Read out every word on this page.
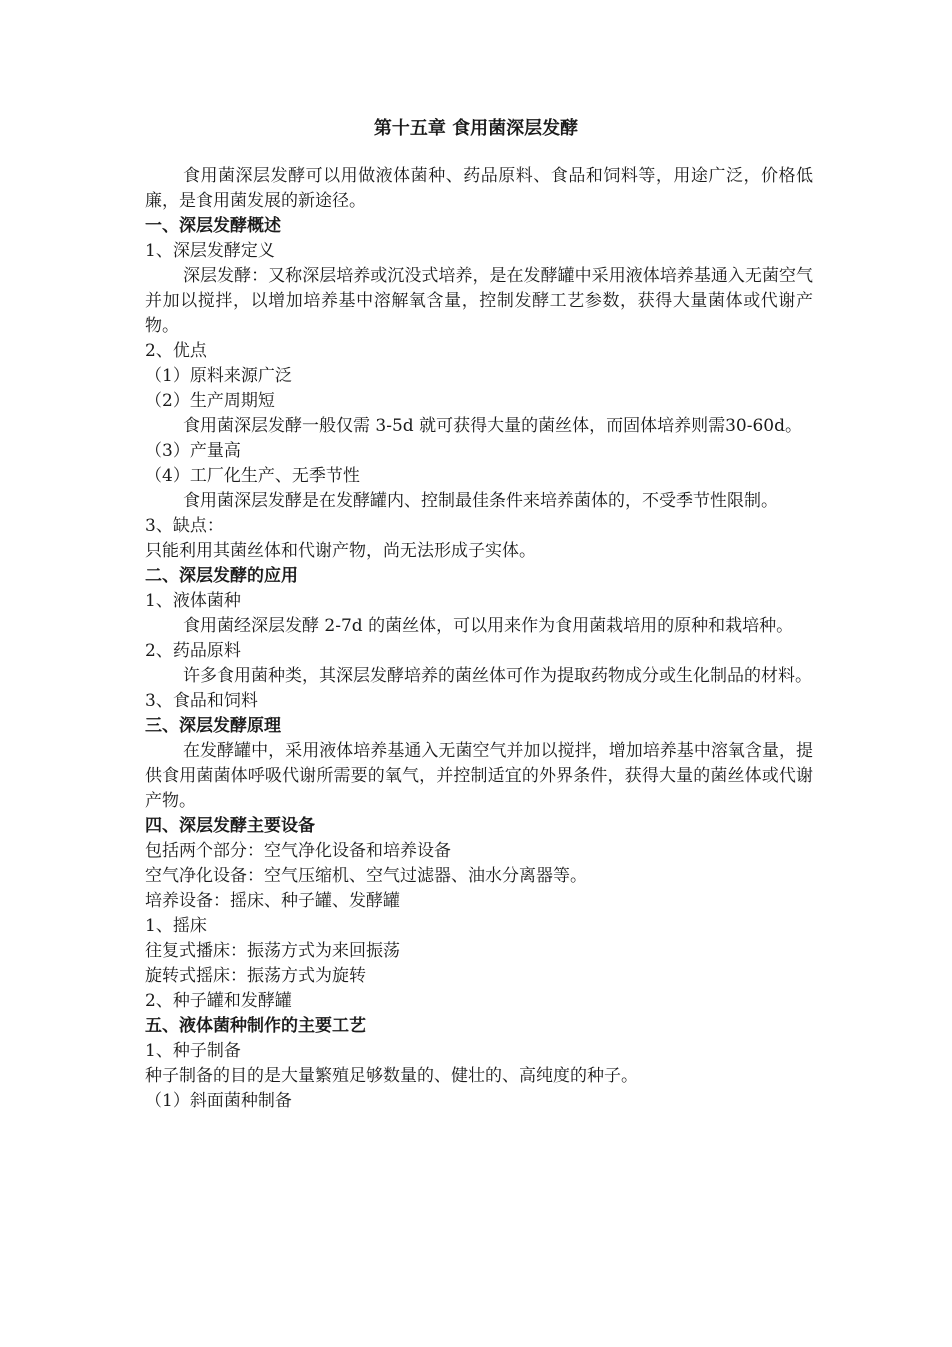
第十五章 食用菌深层发酵

食用菌深层发酵可以用做液体菌种、药品原料、食品和饲料等，用途广泛，价格低廉，是食用菌发展的新途径。

一、深层发酵概述

1、深层发酵定义

深层发酵：又称深层培养或沉没式培养，是在发酵罐中采用液体培养基通入无菌空气并加以搅拌，以增加培养基中溶解氧含量，控制发酵工艺参数，获得大量菌体或代谢产物。

2、优点

（1）原料来源广泛

（2）生产周期短

食用菌深层发酵一般仅需 3-5d 就可获得大量的菌丝体，而固体培养则需30-60d。

（3）产量高

（4）工厂化生产、无季节性

食用菌深层发酵是在发酵罐内、控制最佳条件来培养菌体的，不受季节性限制。

3、缺点：

只能利用其菌丝体和代谢产物，尚无法形成子实体。

二、深层发酵的应用

1、液体菌种

食用菌经深层发酵 2-7d 的菌丝体，可以用来作为食用菌栽培用的原种和栽培种。

2、药品原料

许多食用菌种类，其深层发酵培养的菌丝体可作为提取药物成分或生化制品的材料。

3、食品和饲料

三、深层发酵原理

在发酵罐中，采用液体培养基通入无菌空气并加以搅拌，增加培养基中溶氧含量，提供食用菌菌体呼吸代谢所需要的氧气，并控制适宜的外界条件，获得大量的菌丝体或代谢产物。

四、深层发酵主要设备

包括两个部分：空气净化设备和培养设备

空气净化设备：空气压缩机、空气过滤器、油水分离器等。

培养设备：摇床、种子罐、发酵罐

1、摇床

往复式播床：振荡方式为来回振荡

旋转式摇床：振荡方式为旋转

2、种子罐和发酵罐

五、液体菌种制作的主要工艺

1、种子制备

种子制备的目的是大量繁殖足够数量的、健壮的、高纯度的种子。

（1）斜面菌种制备
